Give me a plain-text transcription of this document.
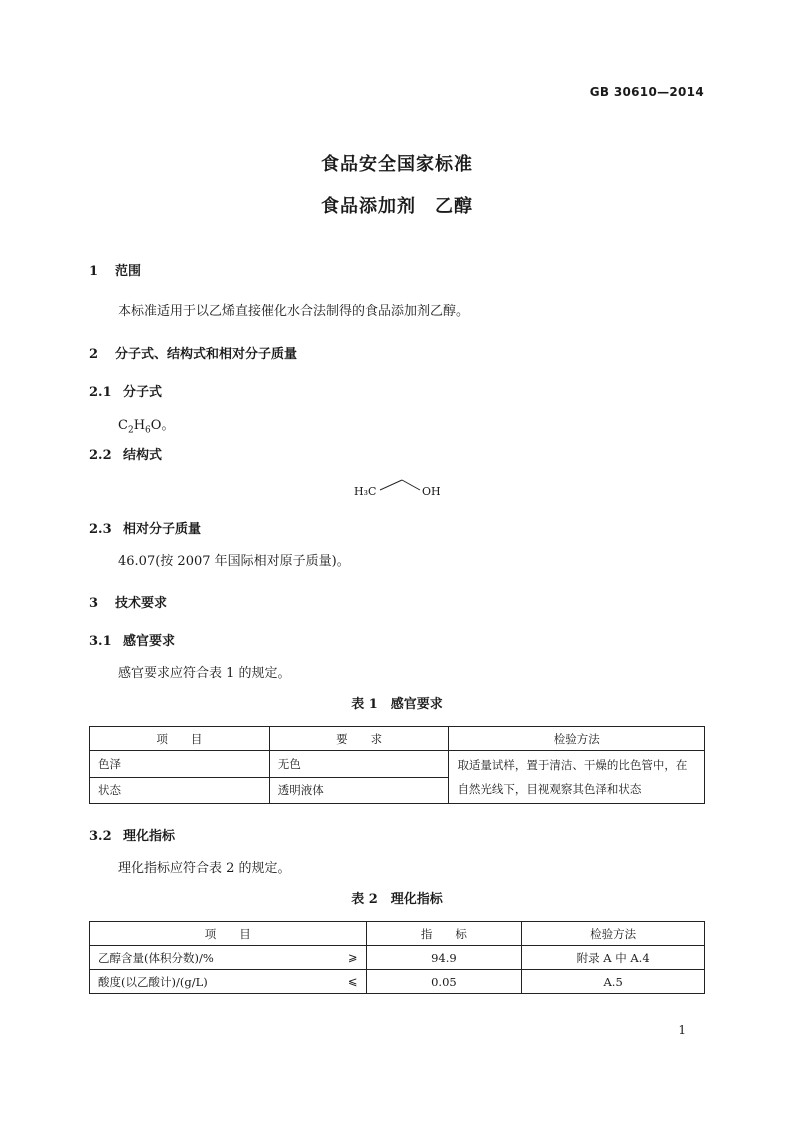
GB 30610—2014
食品安全国家标准
食品添加剂　乙醇
1 范围
本标准适用于以乙烯直接催化水合法制得的食品添加剂乙醇。
2 分子式、结构式和相对分子质量
2.1 分子式
$C_2H_6O$。
2.2 结构式
H₃C	OH
2.3 相对分子质量
46.07(按 2007 年国际相对原子质量)。
3 技术要求
3.1 感官要求
感官要求应符合表 1 的规定。
表 1　感官要求
项　　目	要　　求	检验方法
色泽	无色	取适量试样，置于清洁、干燥的比色管中，在自然光线下，目视观察其色泽和状态
状态	透明液体	
3.2 理化指标
理化指标应符合表 2 的规定。
表 2　理化指标
项　　目	指　　标	检验方法
乙醇含量(体积分数)/% ⩾	94.9	附录 A 中 A.4
酸度(以乙酸计)/(g/L) ⩽	0.05	A.5
1
